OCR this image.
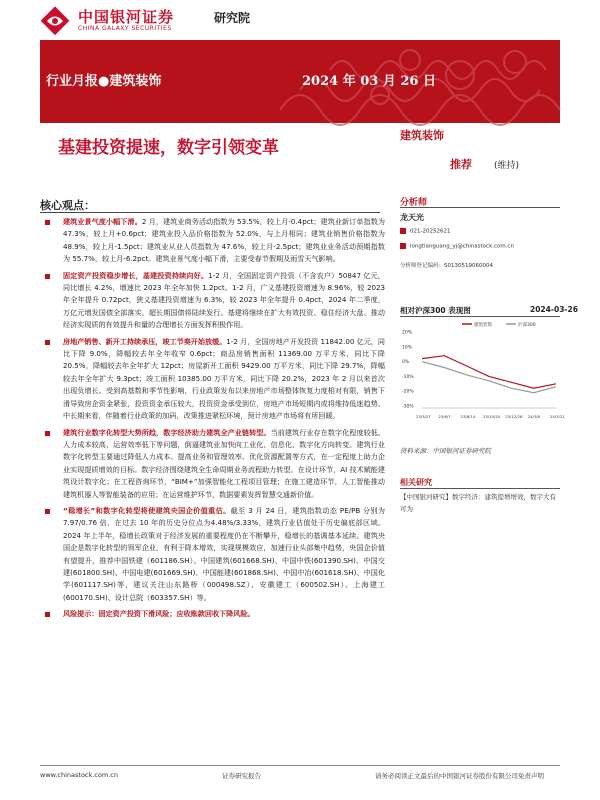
中国银河证券
CHINA GALAXY SECURITIES
研究院
行业月报●建筑装饰	2024 年 03 月 26 日
基建投资提速，数字引领变革
建筑装饰
推荐 (维持)
核心观点：
建筑业景气度小幅下滑。2 月，建筑业商务活动指数为 53.5%，较上月-0.4pct；建筑业新订单指数为 47.3%，较上月+0.6pct；建筑业投入品价格指数为 52.0%，与上月相同；建筑业销售价格指数为 48.9%，较上月-1.5pct；建筑业从业人员指数为 47.6%，较上月-2.5pct；建筑业业务活动预期指数为 55.7%，较上月-6.2pct。建筑业景气度小幅下滑，主要受春节假期及雨雪天气影响。
固定资产投资稳步增长，基建投资持续向好。1-2 月，全国固定资产投资（不含农户）50847 亿元，同比增长 4.2%，增速比 2023 年全年加快 1.2pct。1-2 月，广义基建投资增速为 8.96%，较 2023 年全年提升 0.72pct，狭义基建投资增速为 6.3%，较 2023 年全年提升 0.4pct，2024 年二季度，万亿元增发国债全部落实，超长期国债将陆续发行。基建将继续在扩大有效投资、稳住经济大盘、推动经济实现质的有效提升和量的合理增长方面发挥积极作用。
房地产销售、新开工持续承压，竣工节奏开始放缓。1-2 月，全国房地产开发投资 11842.00 亿元，同比下降 9.0%，降幅较去年全年收窄 0.6pct；商品房销售面积 11369.00 万平方米，同比下降 20.5%，降幅较去年全年扩大 12pct；房屋新开工面积 9429.00 万平方米，同比下降 29.7%，降幅较去年全年扩大 9.3pct；竣工面积 10385.00 万平方米，同比下降 20.2%，2023 年 2 月以来首次出现负增长。受到高基数和季节性影响，行业政策发布以来房地产市场整体恢复力度相对有限，销售下滑导致房企资金紧张，投资资金承压较大，投资资金承受到位，房地产市场短期内或将维持低迷趋势。中长期来看，伴随着行业政策的加码，改策推进紧松环境，预计房地产市场将有所回暖。
建筑行业数字化转型大势所趋，数字经济助力建筑全产业链转型。当前建筑行业存在数字化程度较低、人力成本较高、运营效率低下等问题，倒逼建筑业加快向工业化、信息化、数字化方向转变。建筑行业数字化转型主要通过降低人力成本、提高业务和管理效率、优化资源配置等方式，在一定程度上助力企业实现提质增效的目标。数字经济围绕建筑全生命周期业务流程助力转型。在设计环节，AI 技术赋能建筑设计数字化；在工程咨询环节，“BIM+”加强智能化工程项目管理；在施工建造环节，人工智能推动建筑机器人等智能装备的应用；在运营维护环节，数据要素发挥智慧交通新价值。
“稳增长”和数字化转型将使建筑央国企价值重估。截至 3 月 24 日，建筑指数动态 PE/PB 分别为 7.97/0.76 倍，在过去 10 年的历史分位点为4.48%/3.33%，建筑行业估值处于历史偏底部区域。2024 年上半年，稳增长政策对于经济发展的重要程度仍在不断攀升，稳增长的基调基本延续。建筑央国企是数字化转型的领军企业，有利于降本增效，实现规模效应，加速行业头部集中趋势，央国企价值有望提升，推荐中国铁建（601186.SH）、中国建筑(601668.SH)、中国中铁(601390.SH)、中国交建(601800.SH)、中国电建(601669.SH)、中国能建(601868.SH)、中国中冶(601618.SH)、中国化学(601117.SH)等，建议关注山东路桥（000498.SZ）、安徽建工（600502.SH）、上海建工(600170.SH)、设计总院（603357.SH）等。
风险提示：固定资产投资下滑风险；应收账款回收下降风险。
分析师
龙天光
021-20252621
longtianguang_yj@chinastock.com.cn
分析师登记编码：S0130519060004
相对沪深300 表现图	2024-03-26
建筑装饰	沪深300
20%
10%
0%
-10%
-20%
-30%
23/3/27 23/6/7	23/8/14 23/10/20 23/12/28 24/3/8	24/3/21
资料来源：中国银河证券研究院
相关研究
【中国银河研究】数字经济：建筑提增增效，数字大有可为
www.chinastock.com.cn	证券研究报告	请务必阅读正文最后的中国银河证券股份有限公司免责声明
